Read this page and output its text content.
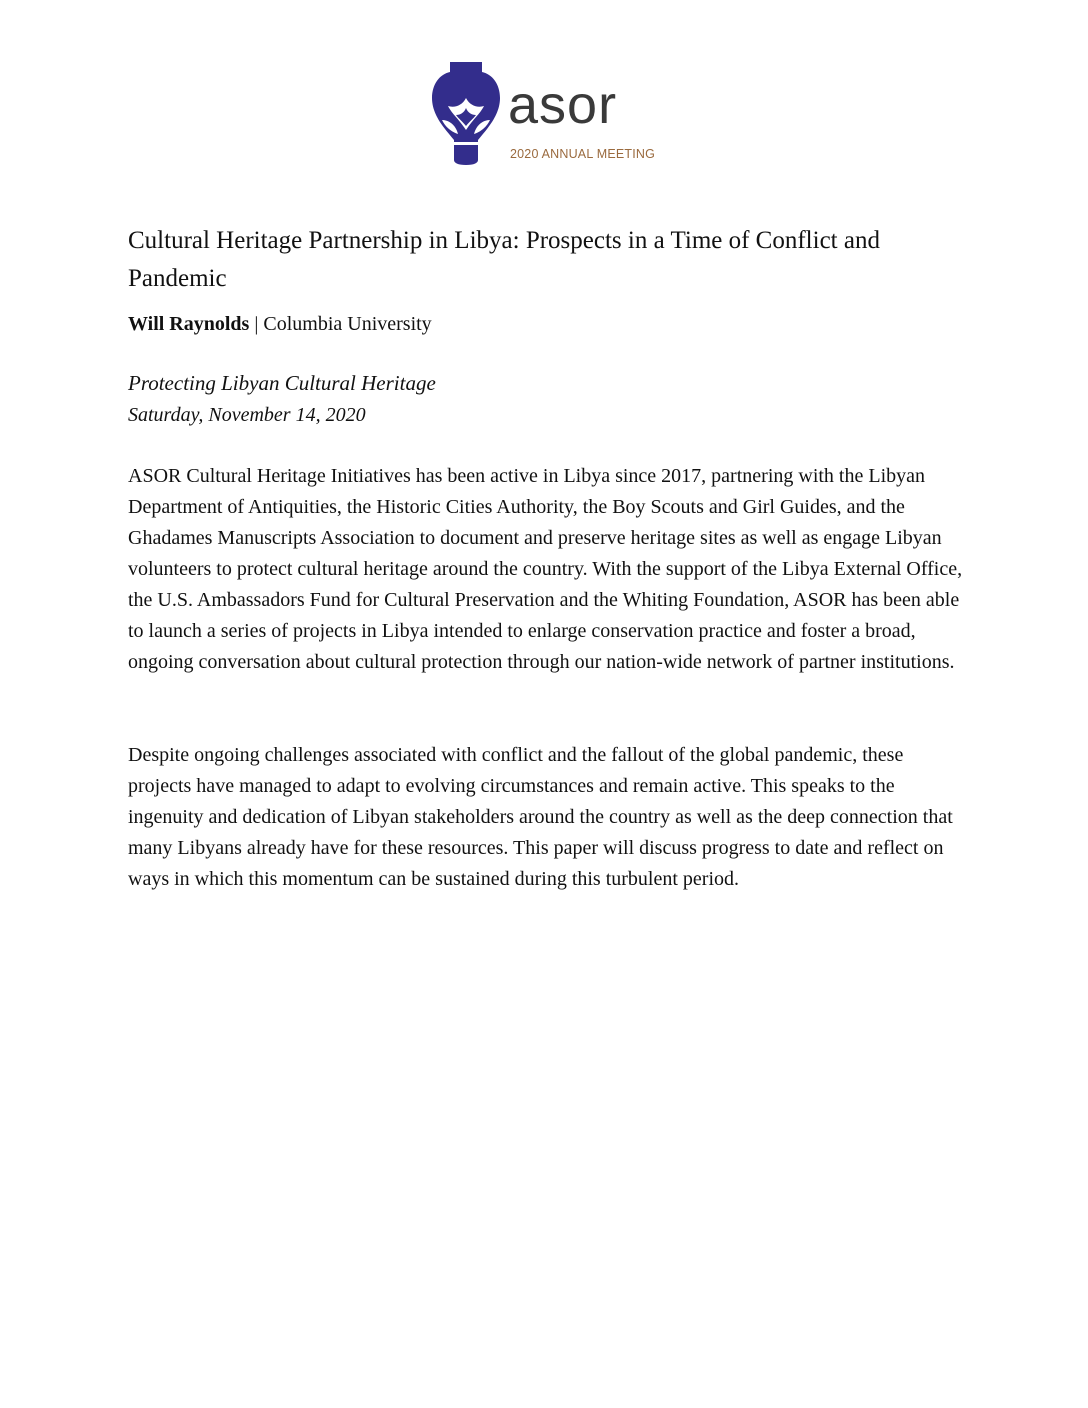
asor
2020 ANNUAL MEETING
Cultural Heritage Partnership in Libya: Prospects in a Time of Conflict and Pandemic
Will Raynolds | Columbia University
Protecting Libyan Cultural Heritage
Saturday, November 14, 2020

ASOR Cultural Heritage Initiatives has been active in Libya since 2017, partnering with the Libyan Department of Antiquities, the Historic Cities Authority, the Boy Scouts and Girl Guides, and the Ghadames Manuscripts Association to document and preserve heritage sites as well as engage Libyan volunteers to protect cultural heritage around the country. With the support of the Libya External Office, the U.S. Ambassadors Fund for Cultural Preservation and the Whiting Foundation, ASOR has been able to launch a series of projects in Libya intended to enlarge conservation practice and foster a broad, ongoing conversation about cultural protection through our nation-wide network of partner institutions.

Despite ongoing challenges associated with conflict and the fallout of the global pandemic, these projects have managed to adapt to evolving circumstances and remain active. This speaks to the ingenuity and dedication of Libyan stakeholders around the country as well as the deep connection that many Libyans already have for these resources. This paper will discuss progress to date and reflect on ways in which this momentum can be sustained during this turbulent period.
